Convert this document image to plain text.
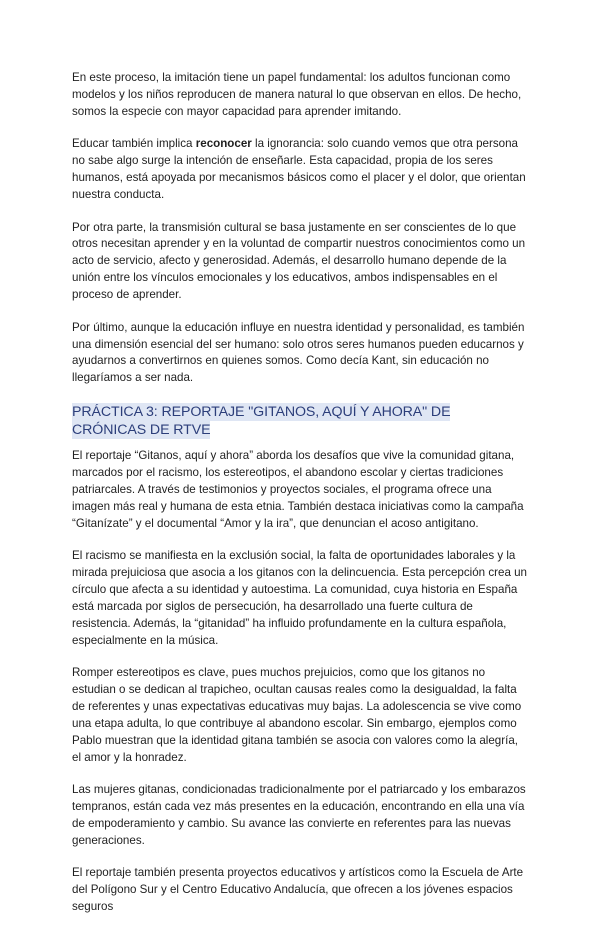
En este proceso, la imitación tiene un papel fundamental: los adultos funcionan como modelos y los niños reproducen de manera natural lo que observan en ellos. De hecho, somos la especie con mayor capacidad para aprender imitando.

Educar también implica reconocer la ignorancia: solo cuando vemos que otra persona no sabe algo surge la intención de enseñarle. Esta capacidad, propia de los seres humanos, está apoyada por mecanismos básicos como el placer y el dolor, que orientan nuestra conducta.

Por otra parte, la transmisión cultural se basa justamente en ser conscientes de lo que otros necesitan aprender y en la voluntad de compartir nuestros conocimientos como un acto de servicio, afecto y generosidad. Además, el desarrollo humano depende de la unión entre los vínculos emocionales y los educativos, ambos indispensables en el proceso de aprender.

Por último, aunque la educación influye en nuestra identidad y personalidad, es también una dimensión esencial del ser humano: solo otros seres humanos pueden educarnos y ayudarnos a convertirnos en quienes somos. Como decía Kant, sin educación no llegaríamos a ser nada.

PRÁCTICA 3: REPORTAJE "GITANOS, AQUÍ Y AHORA" DE CRÓNICAS DE RTVE

El reportaje “Gitanos, aquí y ahora” aborda los desafíos que vive la comunidad gitana, marcados por el racismo, los estereotipos, el abandono escolar y ciertas tradiciones patriarcales. A través de testimonios y proyectos sociales, el programa ofrece una imagen más real y humana de esta etnia. También destaca iniciativas como la campaña “Gitanízate” y el documental “Amor y la ira”, que denuncian el acoso antigitano.

El racismo se manifiesta en la exclusión social, la falta de oportunidades laborales y la mirada prejuiciosa que asocia a los gitanos con la delincuencia. Esta percepción crea un círculo que afecta a su identidad y autoestima. La comunidad, cuya historia en España está marcada por siglos de persecución, ha desarrollado una fuerte cultura de resistencia. Además, la “gitanidad” ha influido profundamente en la cultura española, especialmente en la música.

Romper estereotipos es clave, pues muchos prejuicios, como que los gitanos no estudian o se dedican al trapicheo, ocultan causas reales como la desigualdad, la falta de referentes y unas expectativas educativas muy bajas. La adolescencia se vive como una etapa adulta, lo que contribuye al abandono escolar. Sin embargo, ejemplos como Pablo muestran que la identidad gitana también se asocia con valores como la alegría, el amor y la honradez.

Las mujeres gitanas, condicionadas tradicionalmente por el patriarcado y los embarazos tempranos, están cada vez más presentes en la educación, encontrando en ella una vía de empoderamiento y cambio. Su avance las convierte en referentes para las nuevas generaciones.

El reportaje también presenta proyectos educativos y artísticos como la Escuela de Arte del Polígono Sur y el Centro Educativo Andalucía, que ofrecen a los jóvenes espacios seguros
